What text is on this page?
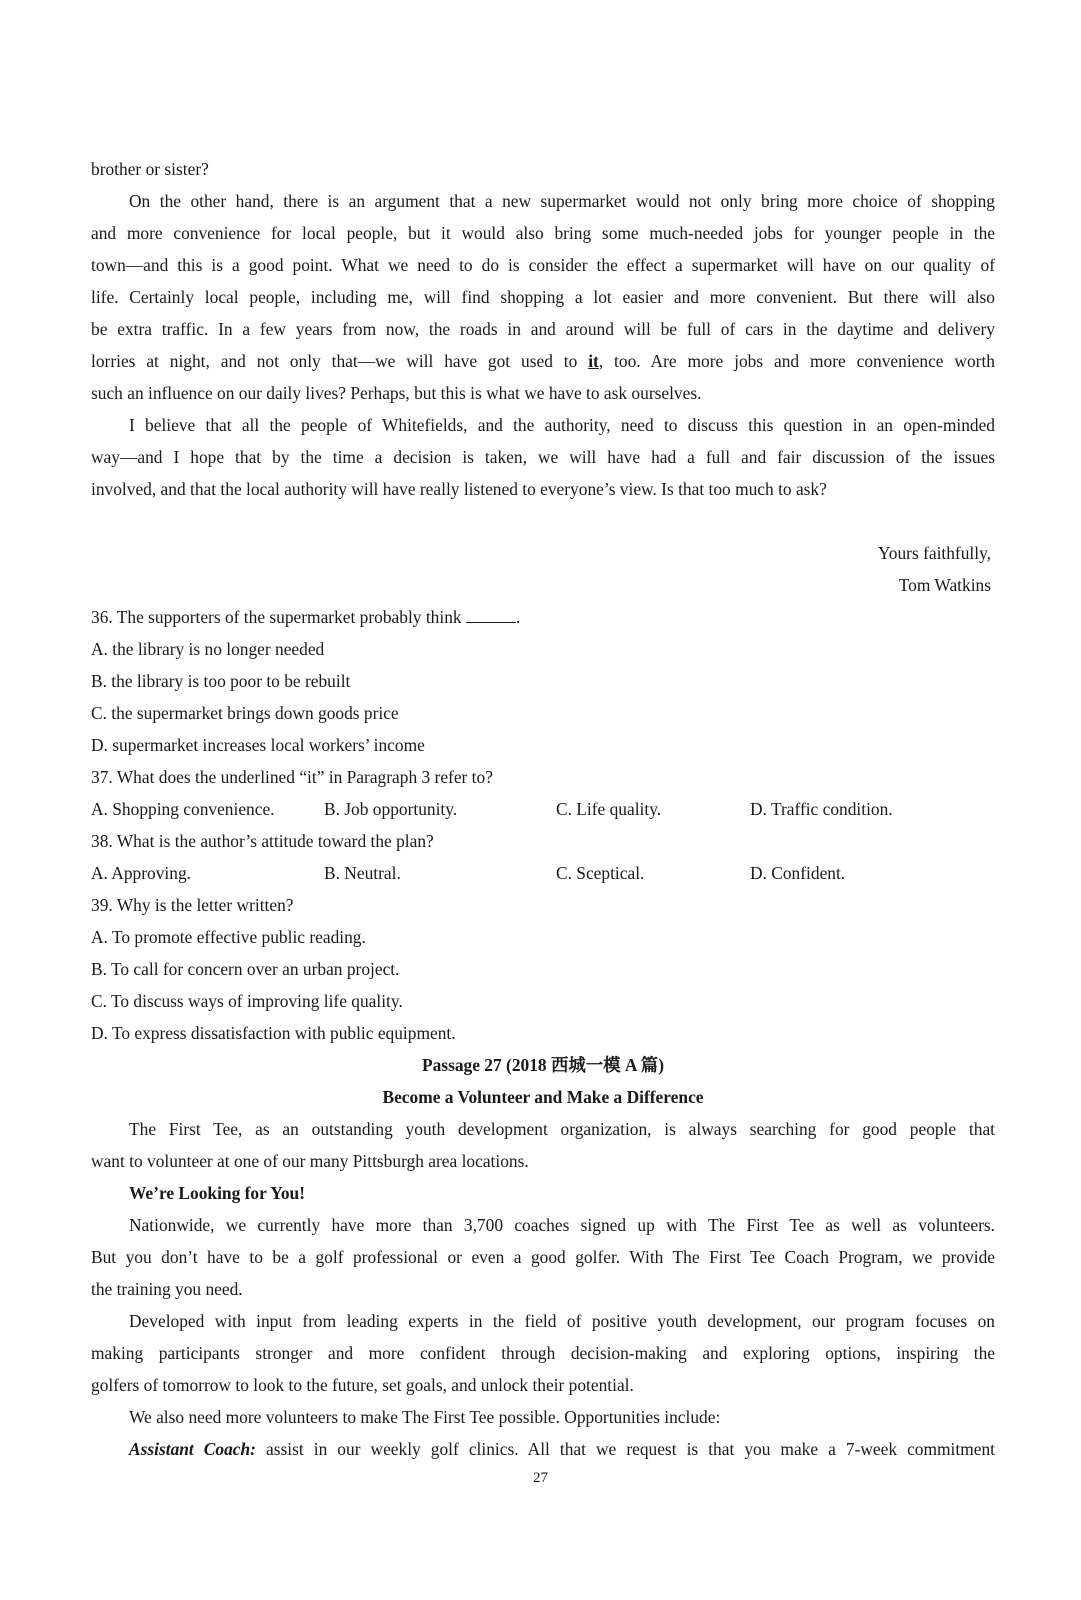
brother or sister?
On the other hand, there is an argument that a new supermarket would not only bring more choice of shopping
and more convenience for local people, but it would also bring some much-needed jobs for younger people in the
town—and this is a good point. What we need to do is consider the effect a supermarket will have on our quality of
life. Certainly local people, including me, will find shopping a lot easier and more convenient. But there will also
be extra traffic. In a few years from now, the roads in and around will be full of cars in the daytime and delivery
lorries at night, and not only that—we will have got used to it, too. Are more jobs and more convenience worth
such an influence on our daily lives? Perhaps, but this is what we have to ask ourselves.
I believe that all the people of Whitefields, and the authority, need to discuss this question in an open-minded
way—and I hope that by the time a decision is taken, we will have had a full and fair discussion of the issues
involved, and that the local authority will have really listened to everyone’s view. Is that too much to ask?
Yours faithfully,
Tom Watkins
36. The supporters of the supermarket probably think	.
A. the library is no longer needed
B. the library is too poor to be rebuilt
C. the supermarket brings down goods price
D. supermarket increases local workers’ income
37. What does the underlined “it” in Paragraph 3 refer to?
A. Shopping convenience.	B. Job opportunity.	C. Life quality.	D. Traffic condition.
38. What is the author’s attitude toward the plan?
A. Approving.	B. Neutral.	C. Sceptical.	D. Confident.
39. Why is the letter written?
A. To promote effective public reading.
B. To call for concern over an urban project.
C. To discuss ways of improving life quality.
D. To express dissatisfaction with public equipment.
Passage 27 (2018 西城一模 A 篇)
Become a Volunteer and Make a Difference
The First Tee, as an outstanding youth development organization, is always searching for good people that
want to volunteer at one of our many Pittsburgh area locations.
We’re Looking for You!
Nationwide, we currently have more than 3,700 coaches signed up with The First Tee as well as volunteers.
But you don’t have to be a golf professional or even a good golfer. With The First Tee Coach Program, we provide
the training you need.
Developed with input from leading experts in the field of positive youth development, our program focuses on
making participants stronger and more confident through decision-making and exploring options, inspiring the
golfers of tomorrow to look to the future, set goals, and unlock their potential.
We also need more volunteers to make The First Tee possible. Opportunities include:
Assistant Coach: assist in our weekly golf clinics. All that we request is that you make a 7-week commitment
27
